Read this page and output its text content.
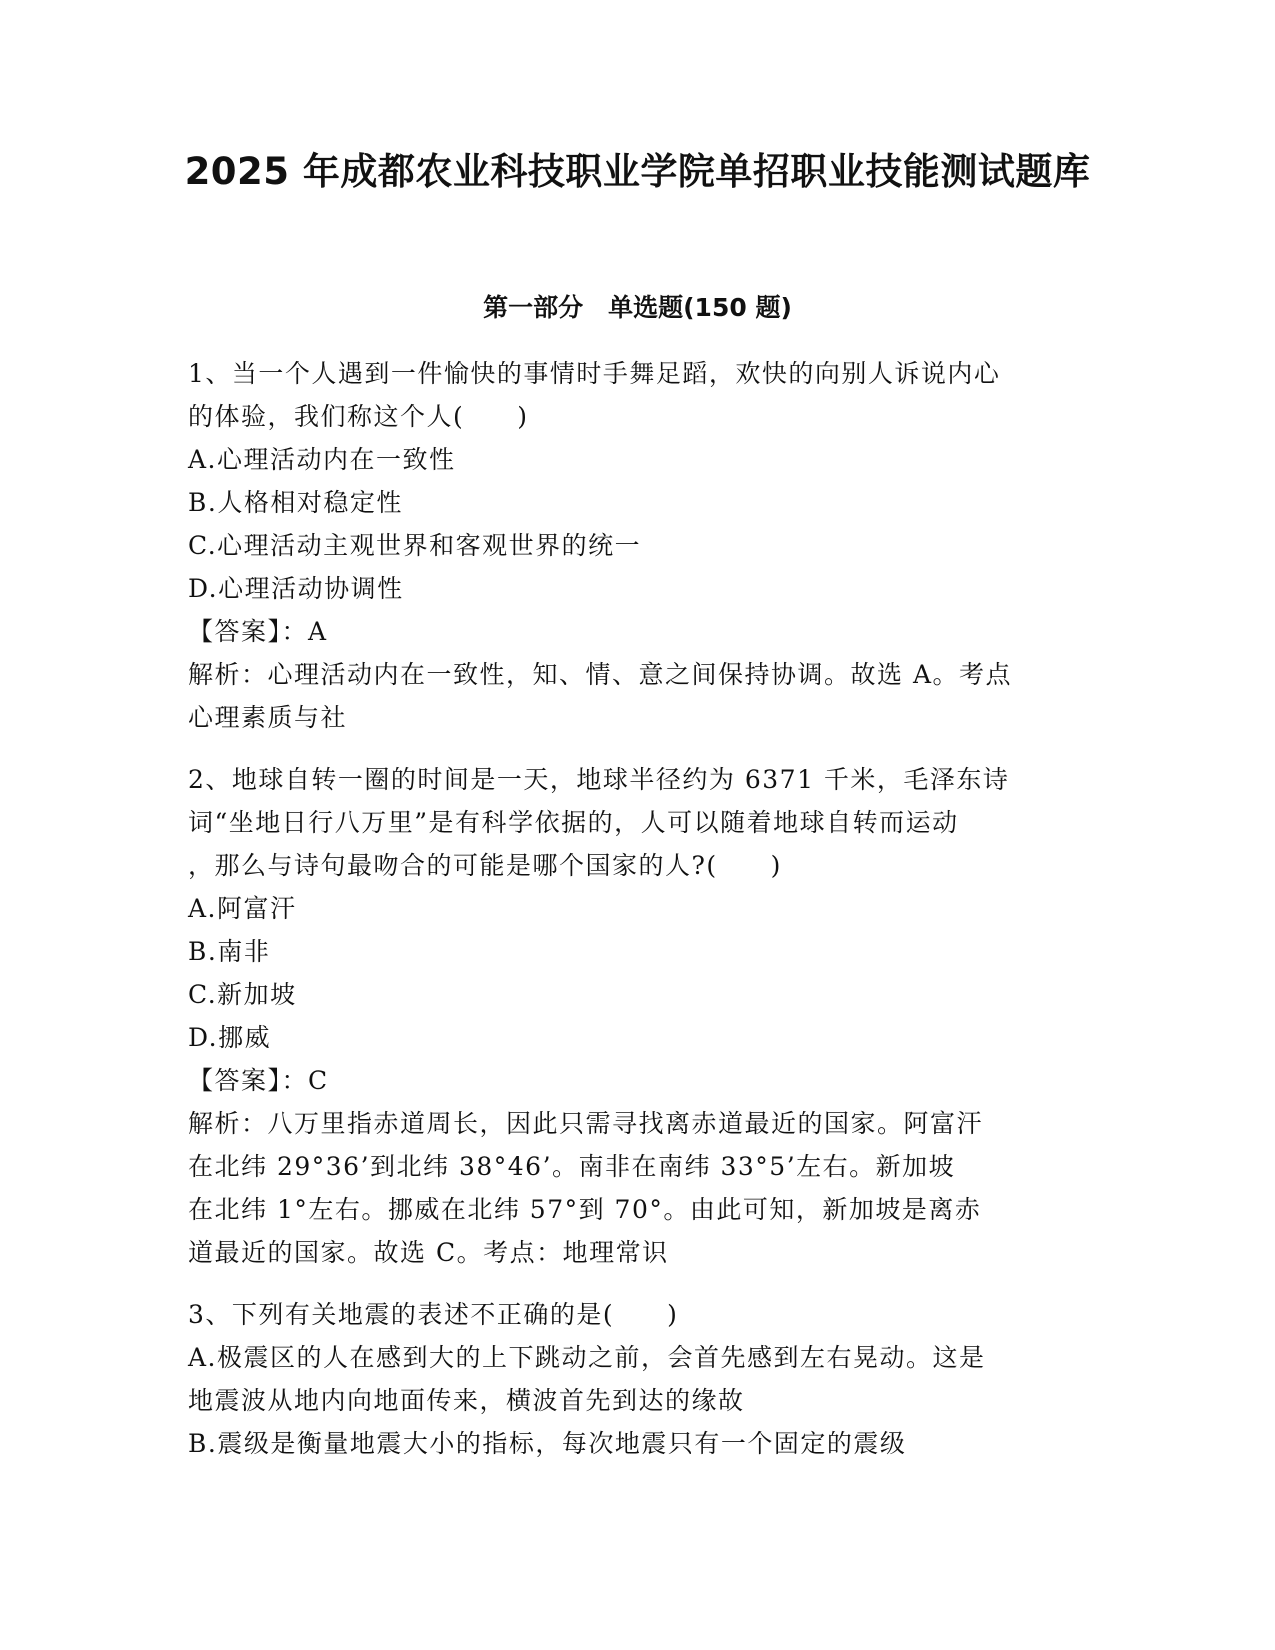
2025 年成都农业科技职业学院单招职业技能测试题库
第一部分　单选题(150 题)
1、当一个人遇到一件愉快的事情时手舞足蹈，欢快的向别人诉说内心
的体验，我们称这个人(　　)
A.心理活动内在一致性
B.人格相对稳定性
C.心理活动主观世界和客观世界的统一
D.心理活动协调性
【答案】：A
解析：心理活动内在一致性，知、情、意之间保持协调。故选 A。考点
心理素质与社
2、地球自转一圈的时间是一天，地球半径约为 6371 千米，毛泽东诗
词“坐地日行八万里”是有科学依据的，人可以随着地球自转而运动
，那么与诗句最吻合的可能是哪个国家的人?(　　)
A.阿富汗
B.南非
C.新加坡
D.挪威
【答案】：C
解析：八万里指赤道周长，因此只需寻找离赤道最近的国家。阿富汗
在北纬 29°36’到北纬 38°46’。南非在南纬 33°5’左右。新加坡
在北纬 1°左右。挪威在北纬 57°到 70°。由此可知，新加坡是离赤
道最近的国家。故选 C。考点：地理常识
3、下列有关地震的表述不正确的是(　　)
A.极震区的人在感到大的上下跳动之前，会首先感到左右晃动。这是
地震波从地内向地面传来，横波首先到达的缘故
B.震级是衡量地震大小的指标，每次地震只有一个固定的震级
